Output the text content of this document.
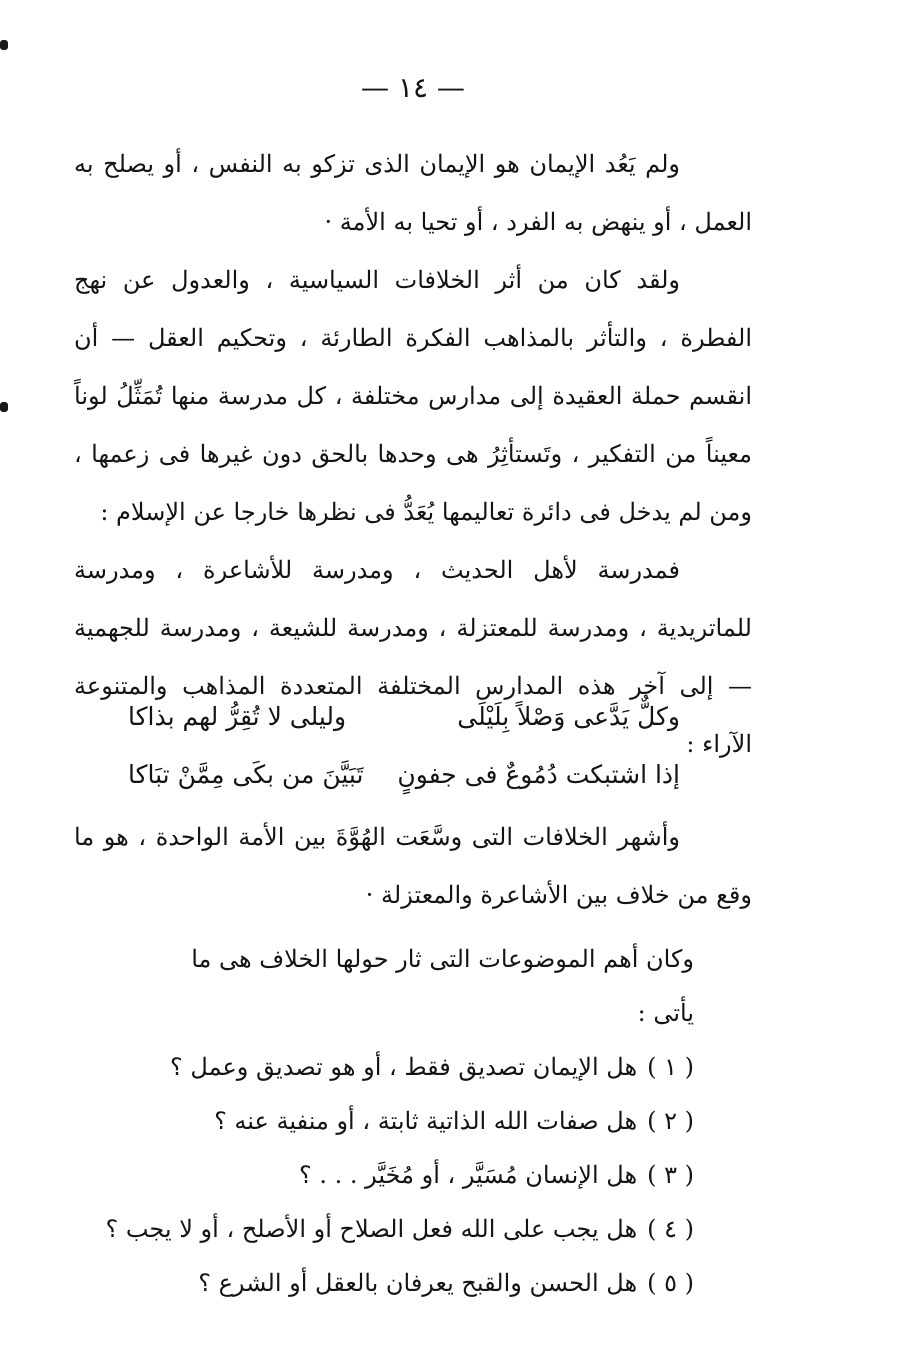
— ١٤ —

ولم يَعُد الإيمان هو الإيمان الذى تزكو به النفس ، أو يصلح به العمل ، أو ينهض به الفرد ، أو تحيا به الأمة ·

ولقد كان من أثر الخلافات السياسية ، والعدول عن نهج الفطرة ، والتأثر بالمذاهب الفكرة الطارئة ، وتحكيم العقل — أن انقسم حملة العقيدة إلى مدارس مختلفة ، كل مدرسة منها تُمَثِّلُ لوناً معيناً من التفكير ، وتَستأثِرُ هى وحدها بالحق دون غيرها فى زعمها ، ومن لم يدخل فى دائرة تعاليمها يُعَدُّ فى نظرها خارجا عن الإسلام :

فمدرسة لأهل الحديث ، ومدرسة للأشاعرة ، ومدرسة للماتريدية ، ومدرسة للمعتزلة ، ومدرسة للشيعة ، ومدرسة للجهمية — إلى آخر هذه المدارس المختلفة المتعددة المذاهب والمتنوعة الآراء :

وكلٌّ يَدَّعى وَصْلاً بِلَيْلَى
وليلى لا تُقِرُّ لهم بذاكا
إذا اشتبكت دُمُوعٌ فى جفونٍ
تَبَيَّنَ من بكَى مِمَّنْ تبَاكا

وأشهر الخلافات التى وسَّعَت الهُوَّةَ بين الأمة الواحدة ، هو ما وقع من خلاف بين الأشاعرة والمعتزلة ·

وكان أهم الموضوعات التى ثار حولها الخلاف هى ما يأتى :

( ١ )هل الإيمان تصديق فقط ، أو هو تصديق وعمل ؟

( ٢ )هل صفات الله الذاتية ثابتة ، أو منفية عنه ؟

( ٣ )هل الإنسان مُسَيَّر ، أو مُخَيَّر . . . ؟

( ٤ )هل يجب على الله فعل الصلاح أو الأصلح ، أو لا يجب ؟

( ٥ )هل الحسن والقبح يعرفان بالعقل أو الشرع ؟
